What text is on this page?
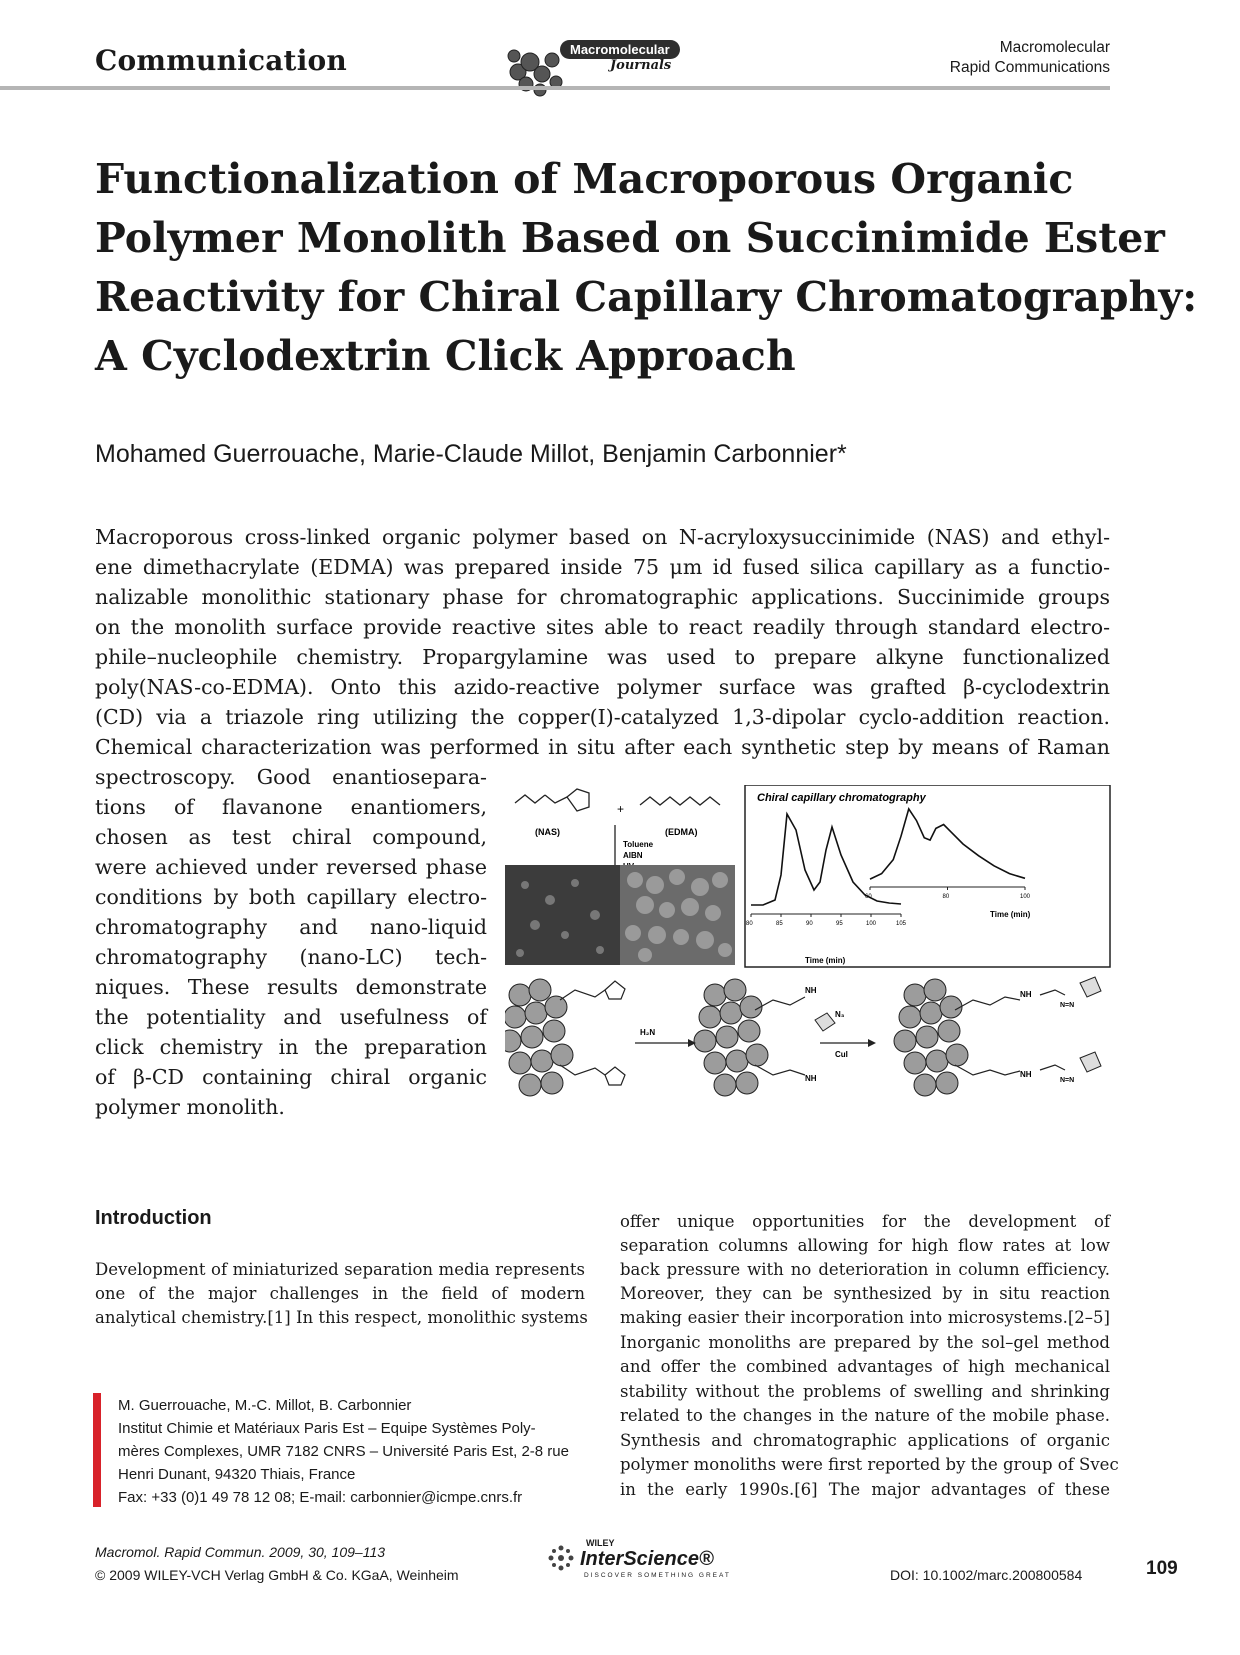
Communication	Macromolecular
Journals
Macromolecular
Rapid Communications
Functionalization of Macroporous Organic
Polymer Monolith Based on Succinimide Ester
Reactivity for Chiral Capillary Chromatography:
A Cyclodextrin Click Approach
Mohamed Guerrouache, Marie-Claude Millot, Benjamin Carbonnier*
Macroporous cross-linked organic polymer based on N-acryloxysuccinimide (NAS) and ethyl-
ene dimethacrylate (EDMA) was prepared inside 75 μm id fused silica capillary as a functio-
nalizable monolithic stationary phase for chromatographic applications. Succinimide groups
on the monolith surface provide reactive sites able to react readily through standard electro-
phile–nucleophile chemistry. Propargylamine was used to prepare alkyne functionalized
poly(NAS-co-EDMA). Onto this azido-reactive polymer surface was grafted β-cyclodextrin
(CD) via a triazole ring utilizing the copper(I)-catalyzed 1,3-dipolar cyclo-addition reaction.
Chemical characterization was performed in situ after each synthetic step by means of Raman
spectroscopy. Good enantiosepara-
tions of flavanone enantiomers,
chosen as test chiral compound,
were achieved under reversed phase
conditions by both capillary electro-
chromatography and nano-liquid
chromatography (nano-LC) tech-
niques. These results demonstrate
the potentiality and usefulness of
click chemistry in the preparation
of β-CD containing chiral organic
polymer monolith.
(NAS)
+
(EDMA)
Toluene
AIBN
Chiral capillary chromatography
80	85	90	95	100	105
60	80	100
Time (min)
Time (min)
H₂N
N₃
CuI
NH
NH
NH
NH
N=N
N=N
Introduction
Development of miniaturized separation media represents
one of the major challenges in the field of modern
analytical chemistry.[1] In this respect, monolithic systems
M. Guerrouache, M.-C. Millot, B. Carbonnier
Institut Chimie et Matériaux Paris Est – Equipe Systèmes Poly-
mères Complexes, UMR 7182 CNRS – Université Paris Est, 2-8 rue
Henri Dunant, 94320 Thiais, France
Fax: +33 (0)1 49 78 12 08; E-mail: carbonnier@icmpe.cnrs.fr
offer unique opportunities for the development of
separation columns allowing for high flow rates at low
back pressure with no deterioration in column efficiency.
Moreover, they can be synthesized by in situ reaction
making easier their incorporation into microsystems.[2–5]
Inorganic monoliths are prepared by the sol–gel method
and offer the combined advantages of high mechanical
stability without the problems of swelling and shrinking
related to the changes in the nature of the mobile phase.
Synthesis and chromatographic applications of organic
polymer monoliths were first reported by the group of Svec
in the early 1990s.[6] The major advantages of these
Macromol. Rapid Commun. 2009, 30, 109–113
© 2009 WILEY-VCH Verlag GmbH & Co. KGaA, Weinheim
WILEY
InterScience®
DISCOVER SOMETHING GREAT	DOI: 10.1002/marc.200800584	109
